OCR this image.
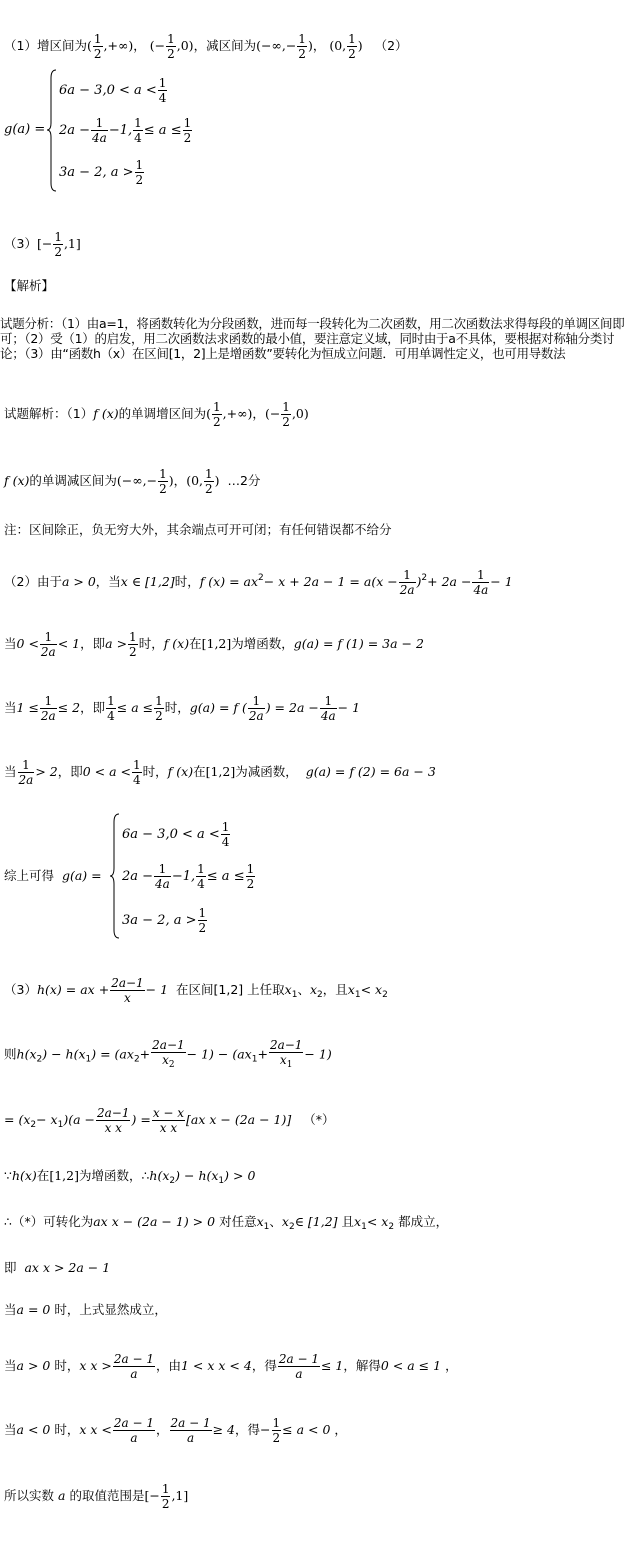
（1）增区间为( $\frac{1}{2}$ ,+∞)， (− $\frac{1}{2} ,0$)，减区间为(−∞,− $\frac{1}{2}$ )， (0, $\frac{1}{2}$ ) （2）
g(a) =
$6a - 3,0 < a < \frac{1}{4}$
$2a - \frac{1}{4a} -1$, $\frac{1}{4} \le a \le \frac{1}{2}$
3a − 2, $a > \frac{1}{2}$
$(3)[- \frac{1}{2} ,1]$
【解析】
试题分析：（1）由a=1，将函数转化为分段函数，进而每一段转化为二次函数，用二次函数法求得每段的单调区间即可；（2）受（1）的启发，用二次函数法求函数的最小值，要注意定义域，同时由于a不具体，要根据对称轴分类讨论；（3）由“函数h（x）在区间[1，2]上是增函数”要转化为恒成立问题．可用单调性定义，也可用导数法
试题解析：（1）f (x)的单调增区间为( $\frac{1}{2}$ ,+∞)，(− $\frac{1}{2} ,0$)
f (x)的单调减区间为(−∞,− $\frac{1}{2}$ )，(0, $\frac{1}{2}$ ) …2分
注：区间除正，负无穷大外，其余端点可开可闭；有任何错误都不给分
（2）由于a > 0，当x ∈ [1,2]时，f $(x) = ax^2- x + 2a - 1 = a(x - \frac{1}{2a} )^2+ 2a - \frac{1}{4a} - 1$
当$0 < \frac{1}{2a} < 1$，即$a > \frac{1}{2}$ 时，f (x)在[1,2]为增函数，g(a) = f (1) = 3a − 2
当$1 \le \frac{1}{2a} \le 2$，即 $\frac{1}{4} \le a \le \frac{1}{2}$ 时，g(a) = f ( $\frac{1}{2a}$ ) = $2a - \frac{1}{4a} - 1$
当 $\frac{1}{2a} > 2$，即$0 < a < \frac{1}{4}$ 时，f (x)在[1,2]为减函数， g(a) = f (2) = 6a − 3
综上可得 g(a) =
$6a - 3,0 < a < \frac{1}{4}$
$2a - \frac{1}{4a} -1$, $\frac{1}{4} \le a \le \frac{1}{2}$
3a − 2, $a > \frac{1}{2}$
（3）h(x) = ax + $\frac{2a-1}{x} - 1$ 在区间[1,2] 上任取$x_1$、$x_2$，且$x_1< x_2$
则$h(x_2) - h(x_1) = (ax_2+ \frac{2a-1}{x_2} - 1) - (ax_1+ \frac{2a-1}{x_1} - 1)$
= $(x_2- x_1)(a - \frac{2a-1}{\text{x x}}$ ) = $\frac{x - x}{\text{x x}} [ax$ x − (2a − 1)] （*）
∵h(x)在[1,2]为增函数，$\therefore h(x_2) - h(x_1) > 0$
∴（*）可转化为ax x − (2a − 1) > 0 对任意$x_1$、$x_2\in$ [1,2] 且$x_1< x_2$ 都成立，
即 ax x > 2a − 1
当a = 0 时，上式显然成立，
当a > 0 时，x $x > \frac{2a - 1}{a}$ ，由1 < x x < 4，得 $\frac{2a - 1}{a} \le 1$，解得0 < a ≤ 1 ，
当a < 0 时，x $x < \frac{2a - 1}{a}$ ， $\frac{2a - 1}{a} \ge 4$，得− $\frac{1}{2} \le a < 0$ ，
所以实数 a 的取值范围是[− $\frac{1}{2} ,1$]
